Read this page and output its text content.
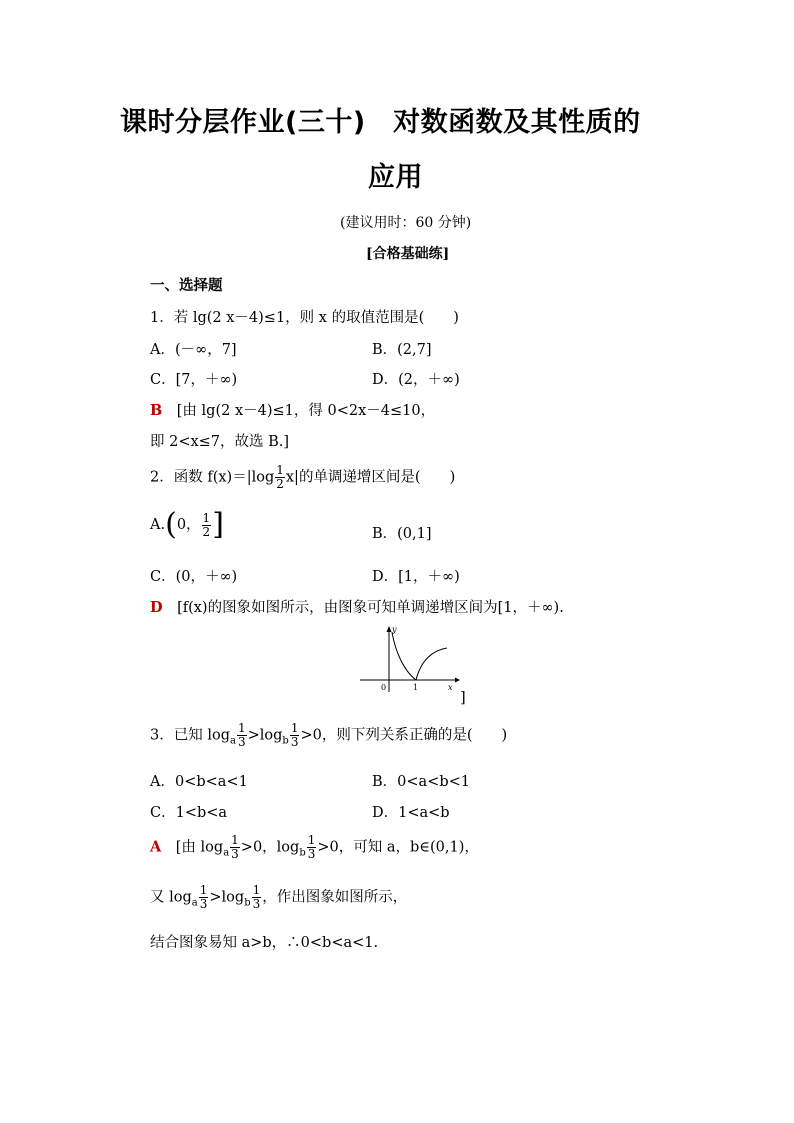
课时分层作业(三十)　对数函数及其性质的
应用
(建议用时：60 分钟)
[合格基础练]
一、选择题
1．若 lg(2 x－4)≤1，则 x 的取值范围是(　　)
A．(－∞，7]	B．(2,7]
C．[7，＋∞)	D．(2，＋∞)
B　 [由 lg(2 x－4)≤1，得 0<2x－4≤10，
即 2<x≤7，故选 B.]
2．函数 $f(x)=|\log \frac{1}{2} x|$的单调递增区间是(　　)
A.(0， $\frac{1}{2}$ ]	B．(0,1]
C．(0，＋∞)	D．[1，＋∞)
D　 [f(x)的图象如图所示，由图象可知单调递增区间为[1，＋∞).
y
x
0	1
]
3．已知 $\log_a \frac{1}{3} >\log_b \frac{1}{3} >0$，则下列关系正确的是(　　)
A．0<b<a<1	B．0<a<b<1
C．1<b<a	D．1<a<b
A　 [由 $\log_a \frac{1}{3} >0$，$\log_b \frac{1}{3} >0$，可知 a，b∈(0,1)，
又 $\log_a \frac{1}{3} >\log_b \frac{1}{3}$ ，作出图象如图所示，
结合图象易知 a>b，∴0<b<a<1.
